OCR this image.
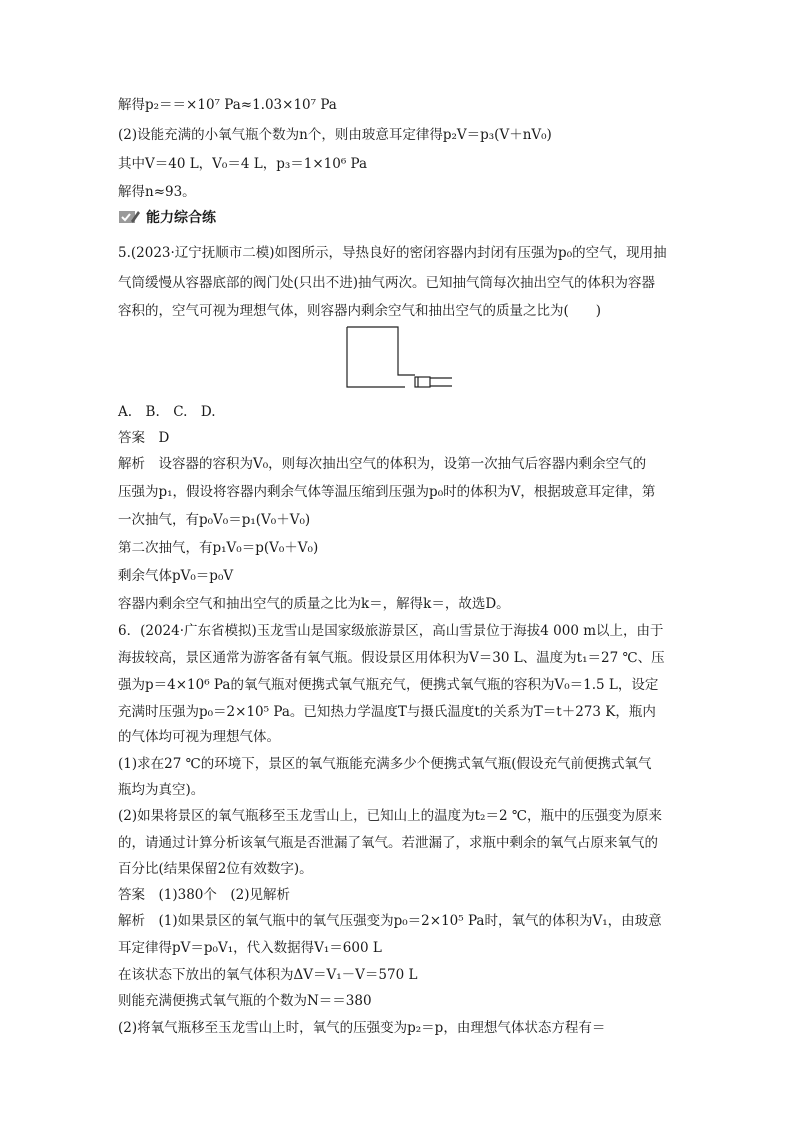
解得p₂＝＝×10⁷ Pa≈1.03×10⁷ Pa
(2)设能充满的小氧气瓶个数为n个，则由玻意耳定律得p₂V＝p₃(V＋nV₀)
其中V＝40 L，V₀＝4 L，p₃＝1×10⁶ Pa
解得n≈93。
能力综合练
5.(2023·辽宁抚顺市二模)如图所示，导热良好的密闭容器内封闭有压强为p₀的空气，现用抽
气筒缓慢从容器底部的阀门处(只出不进)抽气两次。已知抽气筒每次抽出空气的体积为容器
容积的，空气可视为理想气体，则容器内剩余空气和抽出空气的质量之比为(　　)
A.　B.　C.　D.
答案　D
解析　设容器的容积为V₀，则每次抽出空气的体积为，设第一次抽气后容器内剩余空气的
压强为p₁，假设将容器内剩余气体等温压缩到压强为p₀时的体积为V，根据玻意耳定律，第
一次抽气，有p₀V₀＝p₁(V₀＋V₀)
第二次抽气，有p₁V₀＝p(V₀＋V₀)
剩余气体pV₀＝p₀V
容器内剩余空气和抽出空气的质量之比为k＝，解得k＝，故选D。
6．(2024·广东省模拟)玉龙雪山是国家级旅游景区，高山雪景位于海拔4 000 m以上，由于
海拔较高，景区通常为游客备有氧气瓶。假设景区用体积为V＝30 L、温度为t₁＝27 ℃、压
强为p＝4×10⁶ Pa的氧气瓶对便携式氧气瓶充气，便携式氧气瓶的容积为V₀＝1.5 L，设定
充满时压强为p₀＝2×10⁵ Pa。已知热力学温度T与摄氏温度t的关系为T＝t＋273 K，瓶内
的气体均可视为理想气体。
(1)求在27 ℃的环境下，景区的氧气瓶能充满多少个便携式氧气瓶(假设充气前便携式氧气
瓶均为真空)。
(2)如果将景区的氧气瓶移至玉龙雪山上，已知山上的温度为t₂＝2 ℃，瓶中的压强变为原来
的，请通过计算分析该氧气瓶是否泄漏了氧气。若泄漏了，求瓶中剩余的氧气占原来氧气的
百分比(结果保留2位有效数字)。
答案　(1)380个　(2)见解析
解析　(1)如果景区的氧气瓶中的氧气压强变为p₀＝2×10⁵ Pa时，氧气的体积为V₁，由玻意
耳定律得pV＝p₀V₁，代入数据得V₁＝600 L
在该状态下放出的氧气体积为ΔV＝V₁－V＝570 L
则能充满便携式氧气瓶的个数为N＝＝380
(2)将氧气瓶移至玉龙雪山上时，氧气的压强变为p₂＝p，由理想气体状态方程有＝
